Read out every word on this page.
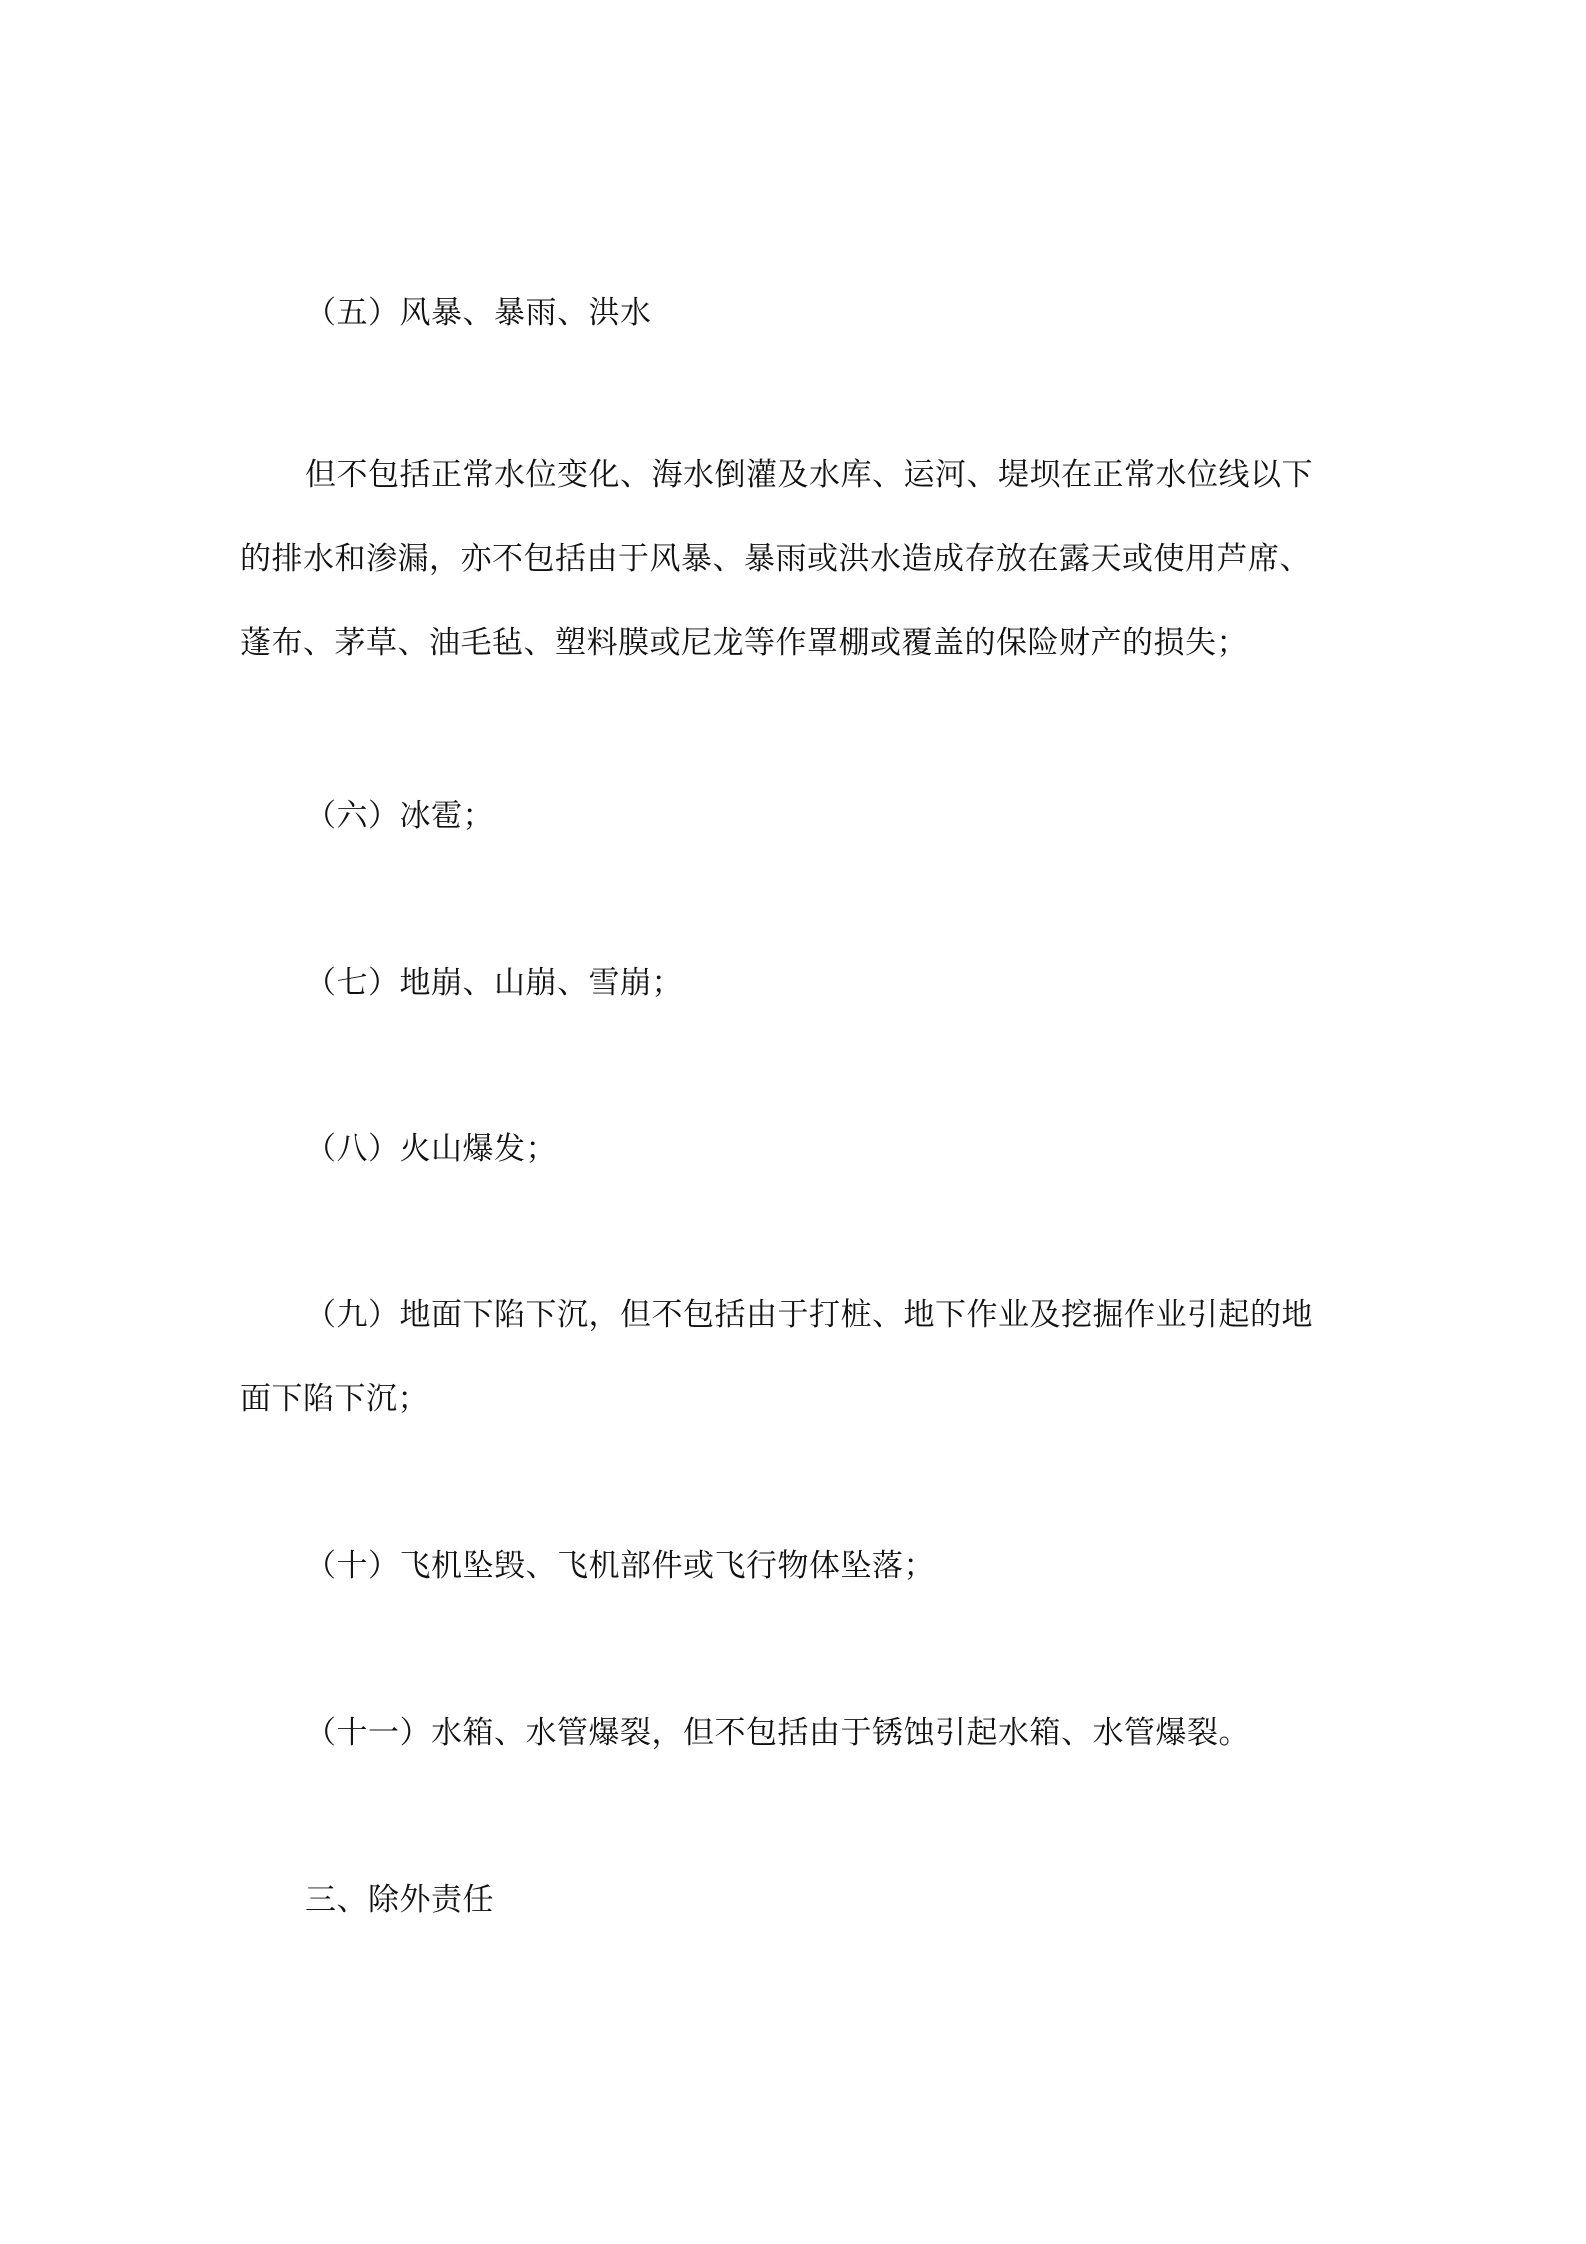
（五）风暴、暴雨、洪水
但不包括正常水位变化、海水倒灌及水库、运河、堤坝在正常水位线以下
的排水和渗漏，亦不包括由于风暴、暴雨或洪水造成存放在露天或使用芦席、
蓬布、茅草、油毛毡、塑料膜或尼龙等作罩棚或覆盖的保险财产的损失；
（六）冰雹；
（七）地崩、山崩、雪崩；
（八）火山爆发；
（九）地面下陷下沉，但不包括由于打桩、地下作业及挖掘作业引起的地
面下陷下沉；
（十）飞机坠毁、飞机部件或飞行物体坠落；
（十一）水箱、水管爆裂，但不包括由于锈蚀引起水箱、水管爆裂。
三、除外责任
